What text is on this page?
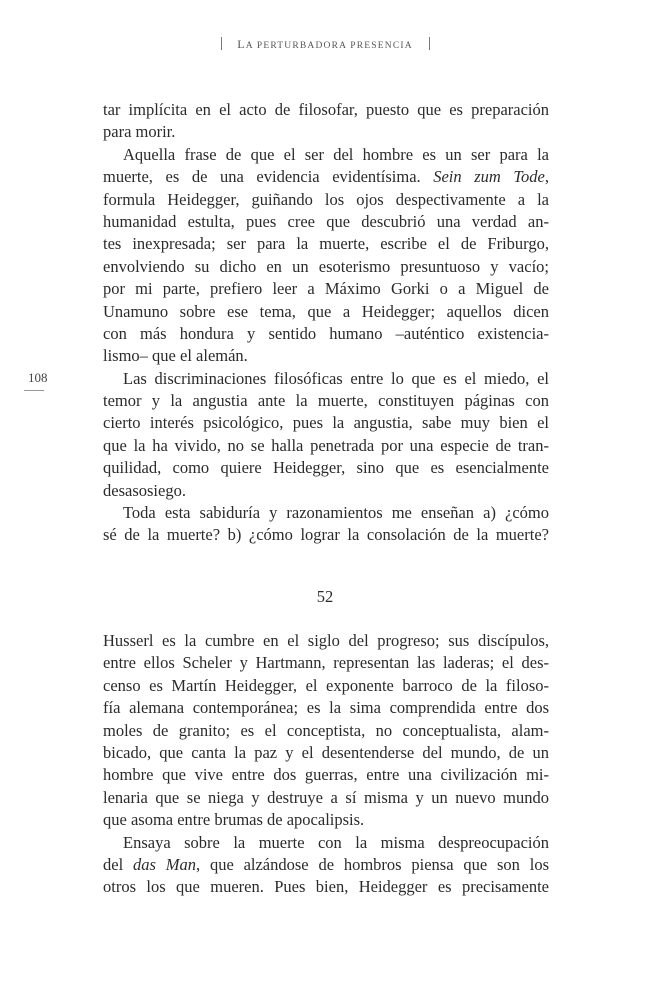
LA PERTURBADORA PRESENCIA
108
tar implícita en el acto de filosofar, puesto que es preparación
para morir.
Aquella frase de que el ser del hombre es un ser para la
muerte, es de una evidencia evidentísima. Sein zum Tode,
formula Heidegger, guiñando los ojos despectivamente a la
humanidad estulta, pues cree que descubrió una verdad an-
tes inexpresada; ser para la muerte, escribe el de Friburgo,
envolviendo su dicho en un esoterismo presuntuoso y vacío;
por mi parte, prefiero leer a Máximo Gorki o a Miguel de
Unamuno sobre ese tema, que a Heidegger; aquellos dicen
con más hondura y sentido humano –auténtico existencia-
lismo– que el alemán.
Las discriminaciones filosóficas entre lo que es el miedo, el
temor y la angustia ante la muerte, constituyen páginas con
cierto interés psicológico, pues la angustia, sabe muy bien el
que la ha vivido, no se halla penetrada por una especie de tran-
quilidad, como quiere Heidegger, sino que es esencialmente
desasosiego.
Toda esta sabiduría y razonamientos me enseñan a) ¿cómo
sé de la muerte? b) ¿cómo lograr la consolación de la muerte?
52
Husserl es la cumbre en el siglo del progreso; sus discípulos,
entre ellos Scheler y Hartmann, representan las laderas; el des-
censo es Martín Heidegger, el exponente barroco de la filoso-
fía alemana contemporánea; es la sima comprendida entre dos
moles de granito; es el conceptista, no conceptualista, alam-
bicado, que canta la paz y el desentenderse del mundo, de un
hombre que vive entre dos guerras, entre una civilización mi-
lenaria que se niega y destruye a sí misma y un nuevo mundo
que asoma entre brumas de apocalipsis.
Ensaya sobre la muerte con la misma despreocupación
del das Man, que alzándose de hombros piensa que son los
otros los que mueren. Pues bien, Heidegger es precisamente
